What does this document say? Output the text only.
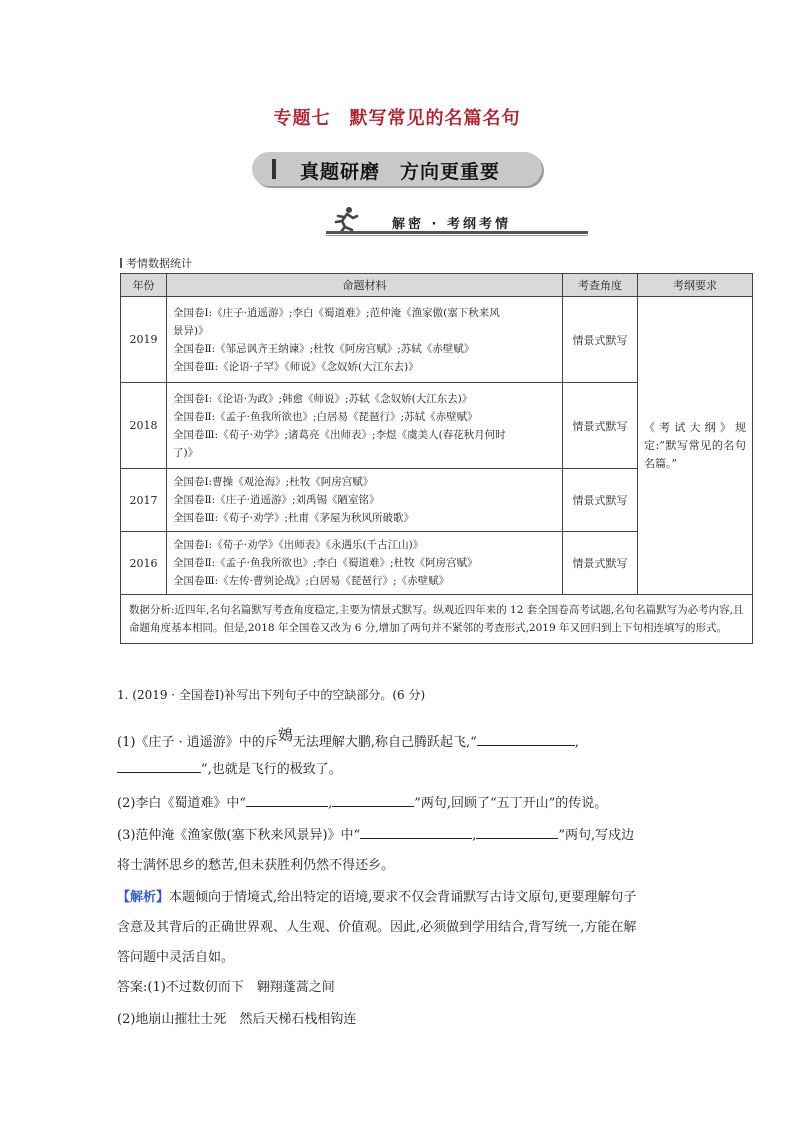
专题七　默写常见的名篇名句
真题研磨　方向更重要
解密 · 考纲考情
考情数据统计
年份	命题材料	考查角度	考纲要求
2019	全国卷Ⅰ:《庄子·逍遥游》;李白《蜀道难》;范仲淹《渔家傲(塞下秋来风
景异)》
全国卷Ⅱ:《邹忌讽齐王纳谏》;杜牧《阿房宫赋》;苏轼《赤壁赋》
全国卷Ⅲ:《论语·子罕》《师说》《念奴娇(大江东去)》	情景式默写	《考试大纲》规定:“默写常见的名句名篇。”
2018	全国卷Ⅰ:《论语·为政》;韩愈《师说》;苏轼《念奴娇(大江东去)》
全国卷Ⅱ:《孟子·鱼我所欲也》;白居易《琵琶行》;苏轼《赤壁赋》
全国卷Ⅲ:《荀子·劝学》;诸葛亮《出师表》;李煜《虞美人(春花秋月何时
了)》	情景式默写	
2017	全国卷Ⅰ:曹操《观沧海》;杜牧《阿房宫赋》
全国卷Ⅱ:《庄子·逍遥游》;刘禹锡《陋室铭》
全国卷Ⅲ:《荀子·劝学》;杜甫《茅屋为秋风所破歌》	情景式默写	
2016	全国卷Ⅰ:《荀子·劝学》《出师表》《永遇乐(千古江山)》
全国卷Ⅱ:《孟子·鱼我所欲也》;李白《蜀道难》;杜牧《阿房宫赋》
全国卷Ⅲ:《左传·曹刿论战》;白居易《琵琶行》;《赤壁赋》	情景式默写	
数据分析:近四年,名句名篇默写考查角度稳定,主要为情景式默写。纵观近四年来的 12 套全国卷高考试题,名句名篇默写为必考内容,且命题角度基本相同。但是,2018 年全国卷又改为 6 分,增加了两句并不紧邻的考查形式,2019 年又回归到上下句相连填写的形式。			
1. (2019 · 全国卷Ⅰ)补写出下列句子中的空缺部分。(6 分)
(1)《庄子 · 逍遥游》中的斥鴳无法理解大鹏,称自己腾跃起飞,“	,
”,也就是飞行的极致了。
(2)李白《蜀道难》中“	,	”两句,回顾了“五丁开山”的传说。
(3)范仲淹《渔家傲(塞下秋来风景异)》中“	,	”两句,写戍边
将士满怀思乡的愁苦,但未获胜利仍然不得还乡。
【解析】本题倾向于情境式,给出特定的语境,要求不仅会背诵默写古诗文原句,更要理解句子
含意及其背后的正确世界观、人生观、价值观。因此,必须做到学用结合,背写统一,方能在解
答问题中灵活自如。
答案:(1)不过数仞而下　翱翔蓬蒿之间
(2)地崩山摧壮士死　然后天梯石栈相钩连
